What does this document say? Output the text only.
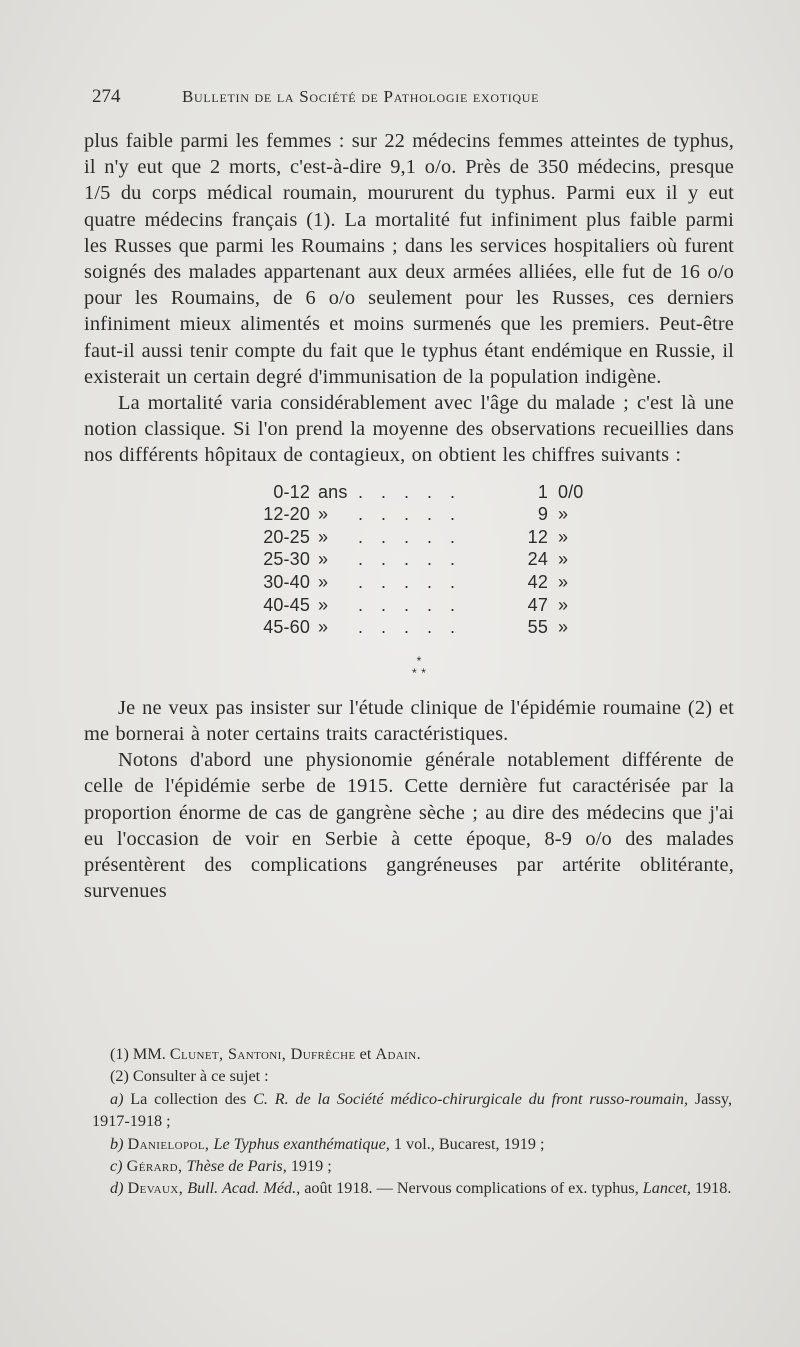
274	Bulletin de la Société de Pathologie exotique

plus faible parmi les femmes : sur 22 médecins femmes atteintes de typhus, il n'y eut que 2 morts, c'est-à-dire 9,1 o/o. Près de 350 médecins, presque 1/5 du corps médical roumain, moururent du typhus. Parmi eux il y eut quatre médecins français (1). La mortalité fut infiniment plus faible parmi les Russes que parmi les Roumains ; dans les services hospitaliers où furent soignés des malades appartenant aux deux armées alliées, elle fut de 16 o/o pour les Roumains, de 6 o/o seulement pour les Russes, ces derniers infiniment mieux alimentés et moins surmenés que les premiers. Peut-être faut-il aussi tenir compte du fait que le typhus étant endémique en Russie, il existerait un certain degré d'immunisation de la population indigène.

La mortalité varia considérablement avec l'âge du malade ; c'est là une notion classique. Si l'on prend la moyenne des observations recueillies dans nos différents hôpitaux de contagieux, on obtient les chiffres suivants :

0-12 ans . . . . .	1 0/0
12-20 »	. . . . .	9 »
20-25 »	. . . . .	12 »
25-30 »	. . . . .	24 »
30-40 »	. . . . .	42 »
40-45 »	. . . . .	47 »
45-60 »	. . . . .	55 »
*
* *

Je ne veux pas insister sur l'étude clinique de l'épidémie roumaine (2) et me bornerai à noter certains traits caractéristiques.

Notons d'abord une physionomie générale notablement différente de celle de l'épidémie serbe de 1915. Cette dernière fut caractérisée par la proportion énorme de cas de gangrène sèche ; au dire des médecins que j'ai eu l'occasion de voir en Serbie à cette époque, 8-9 o/o des malades présentèrent des complications gangréneuses par artérite oblitérante, survenues

(1) MM. Clunet, Santoni, Dufrèche et Adain.

(2) Consulter à ce sujet :

a) La collection des C. R. de la Société médico-chirurgicale du front russo-roumain, Jassy, 1917-1918 ;

b) Danielopol, Le Typhus exanthématique, 1 vol., Bucarest, 1919 ;

c) Gérard, Thèse de Paris, 1919 ;

d) Devaux, Bull. Acad. Méd., août 1918. — Nervous complications of ex. typhus, Lancet, 1918.
